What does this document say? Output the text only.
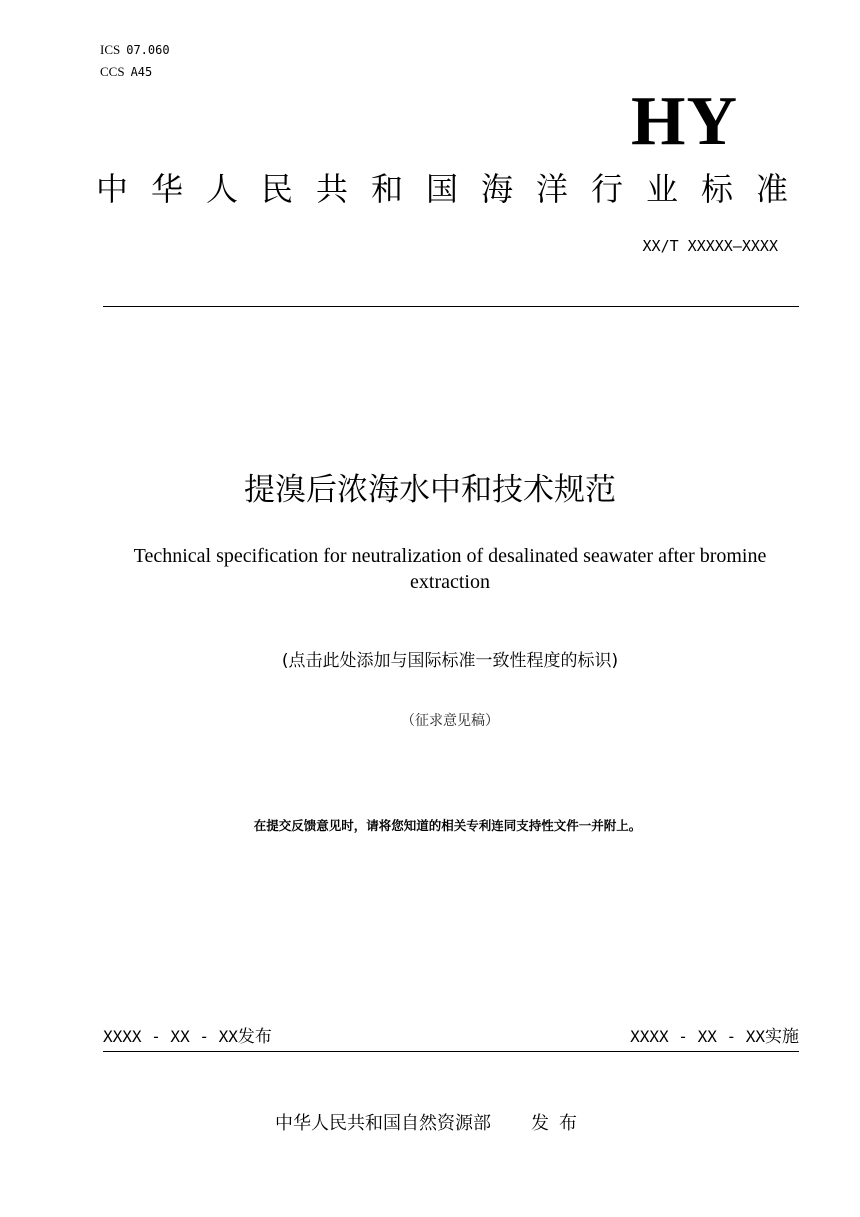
ICS 07.060
CCS A45
HY
中华人民共和国海洋行业标准
XX/T XXXXX—XXXX
提溴后浓海水中和技术规范
Technical specification for neutralization of desalinated seawater after bromine extraction
(点击此处添加与国际标准一致性程度的标识)
（征求意见稿）
在提交反馈意见时，请将您知道的相关专利连同支持性文件一并附上。
XXXX - XX - XX发布	XXXX - XX - XX实施
中华人民共和国自然资源部 发布
